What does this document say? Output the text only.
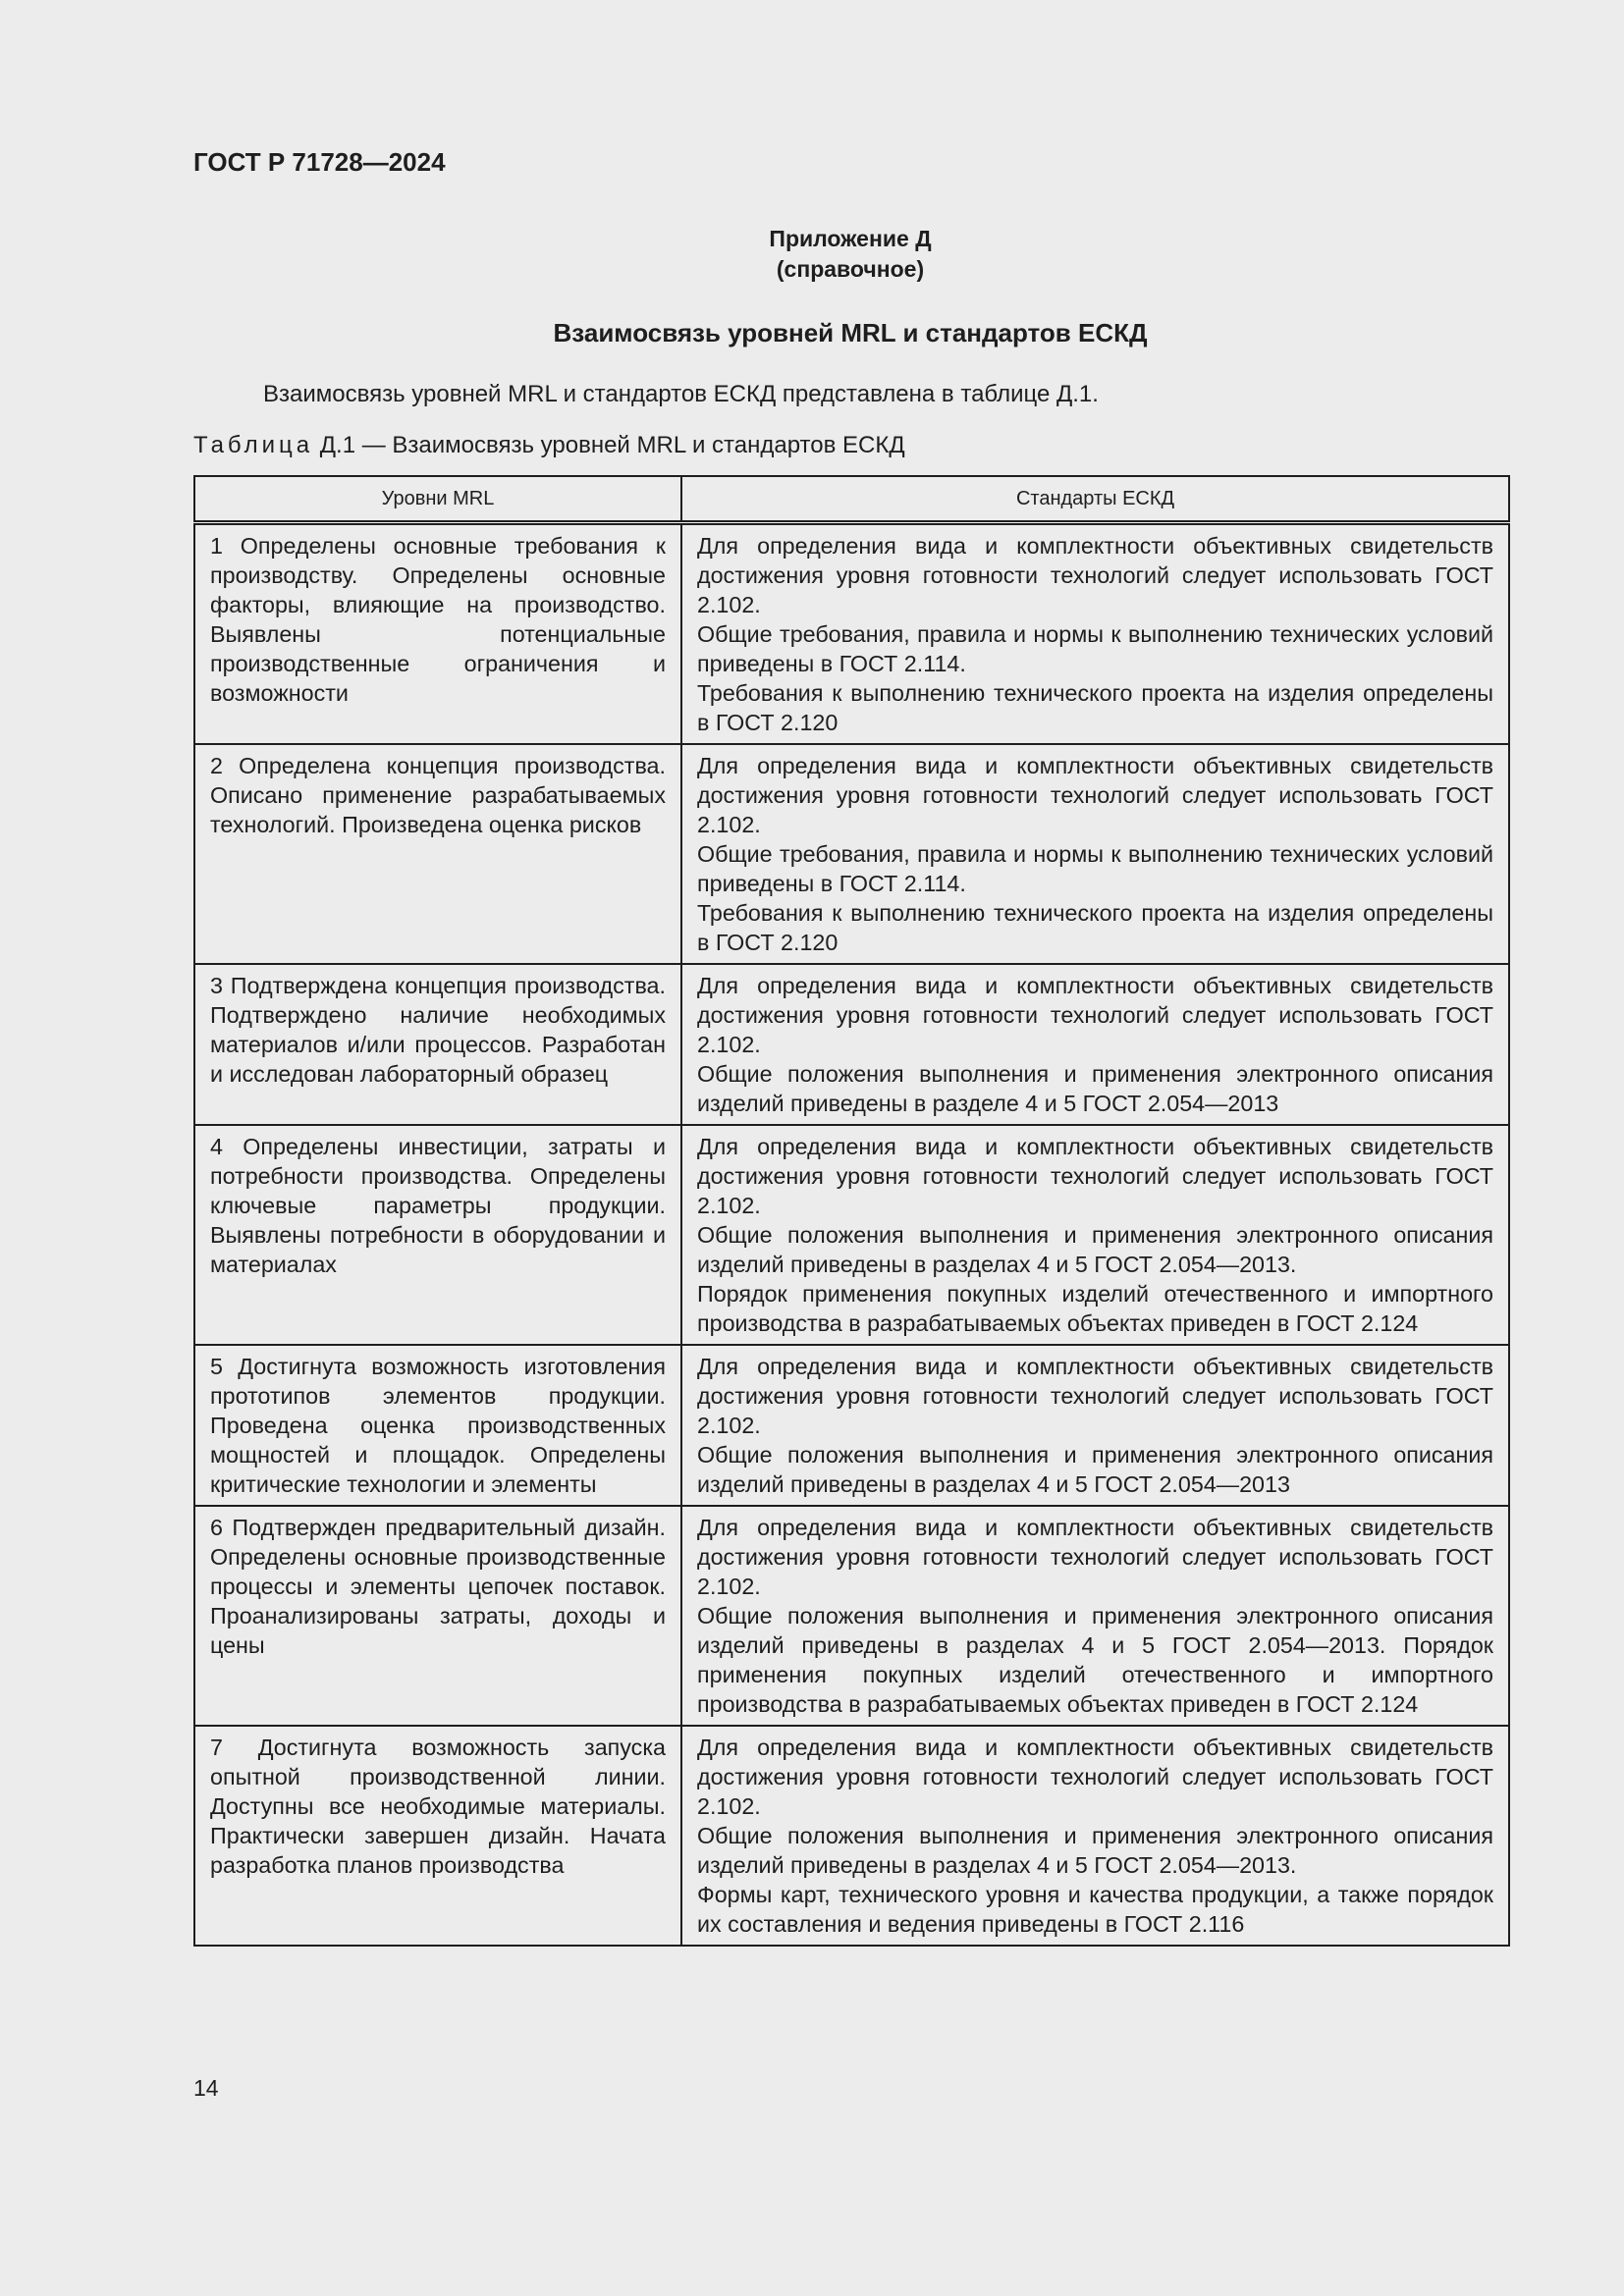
ГОСТ Р 71728—2024

Приложение Д
(справочное)
Взаимосвязь уровней MRL и стандартов ЕСКД

Взаимосвязь уровней MRL и стандартов ЕСКД представлена в таблице Д.1.

Таблица Д.1 — Взаимосвязь уровней MRL и стандартов ЕСКД

Уровни MRL	Стандарты ЕСКД
1 Определены основные требования к производству. Определены основные факторы, влияющие на производство. Выявлены потенциальные производственные ограничения и возможности	Для определения вида и комплектности объективных свидетельств достижения уровня готовности технологий следует использовать ГОСТ 2.102.
Общие требования, правила и нормы к выполнению технических условий приведены в ГОСТ 2.114.
Требования к выполнению технического проекта на изделия определены в ГОСТ 2.120

2 Определена концепция производства. Описано применение разрабатываемых технологий. Произведена оценка рисков	Для определения вида и комплектности объективных свидетельств достижения уровня готовности технологий следует использовать ГОСТ 2.102.
Общие требования, правила и нормы к выполнению технических условий приведены в ГОСТ 2.114.
Требования к выполнению технического проекта на изделия определены в ГОСТ 2.120

3 Подтверждена концепция производства. Подтверждено наличие необходимых материалов и/или процессов. Разработан и исследован лабораторный образец	Для определения вида и комплектности объективных свидетельств достижения уровня готовности технологий следует использовать ГОСТ 2.102.
Общие положения выполнения и применения электронного описания изделий приведены в разделе 4 и 5 ГОСТ 2.054—2013

4 Определены инвестиции, затраты и потребности производства. Определены ключевые параметры продукции. Выявлены потребности в оборудовании и материалах	Для определения вида и комплектности объективных свидетельств достижения уровня готовности технологий следует использовать ГОСТ 2.102.
Общие положения выполнения и применения электронного описания изделий приведены в разделах 4 и 5 ГОСТ 2.054—2013.
Порядок применения покупных изделий отечественного и импортного производства в разрабатываемых объектах приведен в ГОСТ 2.124

5 Достигнута возможность изготовления прототипов элементов продукции. Проведена оценка производственных мощностей и площадок. Определены критические технологии и элементы	Для определения вида и комплектности объективных свидетельств достижения уровня готовности технологий следует использовать ГОСТ 2.102.
Общие положения выполнения и применения электронного описания изделий приведены в разделах 4 и 5 ГОСТ 2.054—2013

6 Подтвержден предварительный дизайн. Определены основные производственные процессы и элементы цепочек поставок. Проанализированы затраты, доходы и цены	Для определения вида и комплектности объективных свидетельств достижения уровня готовности технологий следует использовать ГОСТ 2.102.
Общие положения выполнения и применения электронного описания изделий приведены в разделах 4 и 5 ГОСТ 2.054—2013. Порядок применения покупных изделий отечественного и импортного производства в разрабатываемых объектах приведен в ГОСТ 2.124

7 Достигнута возможность запуска опытной производственной линии. Доступны все необходимые материалы. Практически завершен дизайн. Начата разработка планов производства	Для определения вида и комплектности объективных свидетельств достижения уровня готовности технологий следует использовать ГОСТ 2.102.
Общие положения выполнения и применения электронного описания изделий приведены в разделах 4 и 5 ГОСТ 2.054—2013.
Формы карт, технического уровня и качества продукции, а также порядок их составления и ведения приведены в ГОСТ 2.116

14
